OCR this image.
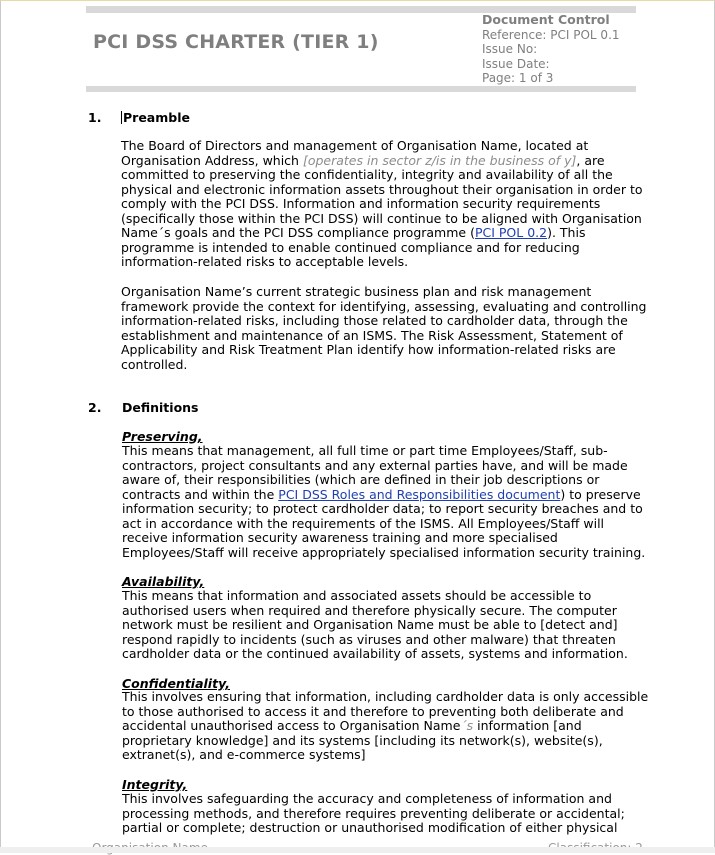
PCI DSS CHARTER (TIER 1)
Document Control
Reference: PCI POL 0.1
Issue No:
Issue Date:
Page: 1 of 3
1. Preamble
The Board of Directors and management of Organisation Name, located at
Organisation Address, which [operates in sector z/is in the business of y], are
committed to preserving the confidentiality, integrity and availability of all the
physical and electronic information assets throughout their organisation in order to
comply with the PCI DSS. Information and information security requirements
(specifically those within the PCI DSS) will continue to be aligned with Organisation
Name´s goals and the PCI DSS compliance programme (PCI POL 0.2). This
programme is intended to enable continued compliance and for reducing
information-related risks to acceptable levels.
Organisation Name’s current strategic business plan and risk management
framework provide the context for identifying, assessing, evaluating and controlling
information-related risks, including those related to cardholder data, through the
establishment and maintenance of an ISMS. The Risk Assessment, Statement of
Applicability and Risk Treatment Plan identify how information-related risks are
controlled.
2. Definitions
Preserving,
This means that management, all full time or part time Employees/Staff, sub-
contractors, project consultants and any external parties have, and will be made
aware of, their responsibilities (which are defined in their job descriptions or
contracts and within the PCI DSS Roles and Responsibilities document) to preserve
information security; to protect cardholder data; to report security breaches and to
act in accordance with the requirements of the ISMS. All Employees/Staff will
receive information security awareness training and more specialised
Employees/Staff will receive appropriately specialised information security training.
Availability,
This means that information and associated assets should be accessible to
authorised users when required and therefore physically secure. The computer
network must be resilient and Organisation Name must be able to [detect and]
respond rapidly to incidents (such as viruses and other malware) that threaten
cardholder data or the continued availability of assets, systems and information.
Confidentiality,
This involves ensuring that information, including cardholder data is only accessible
to those authorised to access it and therefore to preventing both deliberate and
accidental unauthorised access to Organisation Name´s information [and
proprietary knowledge] and its systems [including its network(s), website(s),
extranet(s), and e-commerce systems]
Integrity,
This involves safeguarding the accuracy and completeness of information and
processing methods, and therefore requires preventing deliberate or accidental;
partial or complete; destruction or unauthorised modification of either physical
